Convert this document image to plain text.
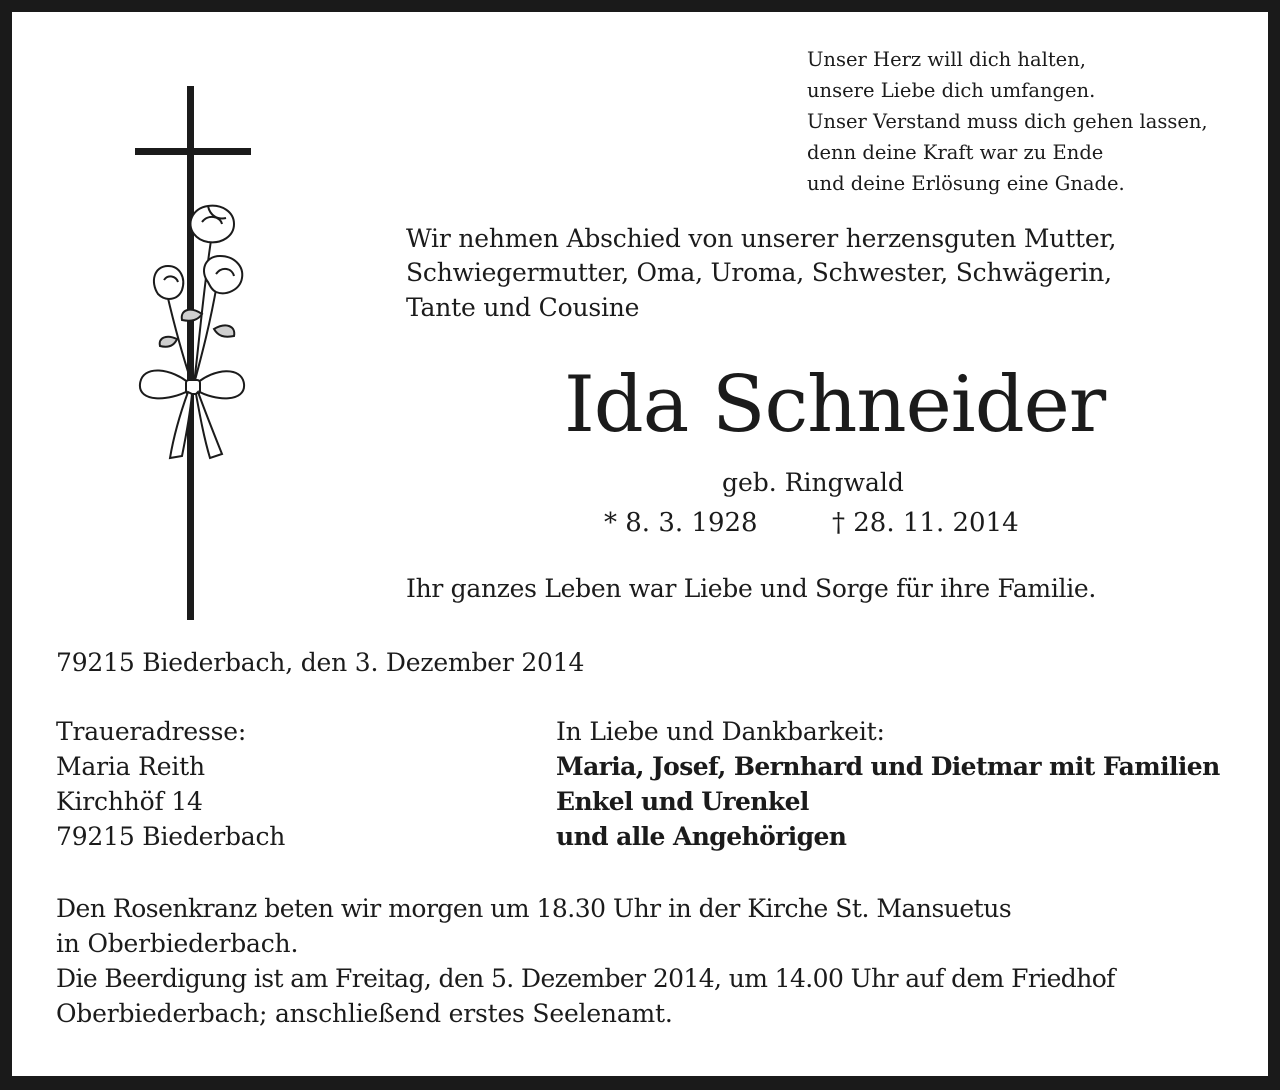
Unser Herz will dich halten,
unsere Liebe dich umfangen.
Unser Verstand muss dich gehen lassen,
denn deine Kraft war zu Ende
und deine Erlösung eine Gnade.
Wir nehmen Abschied von unserer herzensguten Mutter,
Schwiegermutter, Oma, Uroma, Schwester, Schwägerin,
Tante und Cousine
Ida Schneider
geb. Ringwald
* 8. 3. 1928	† 28. 11. 2014
Ihr ganzes Leben war Liebe und Sorge für ihre Familie.
79215 Biederbach, den 3. Dezember 2014
Traueradresse:
Maria Reith
Kirchhöf 14
79215 Biederbach
In Liebe und Dankbarkeit:
Maria, Josef, Bernhard und Dietmar mit Familien
Enkel und Urenkel
und alle Angehörigen
Den Rosenkranz beten wir morgen um 18.30 Uhr in der Kirche St. Mansuetus
in Oberbiederbach.
Die Beerdigung ist am Freitag, den 5. Dezember 2014, um 14.00 Uhr auf dem Friedhof
Oberbiederbach; anschließend erstes Seelenamt.
